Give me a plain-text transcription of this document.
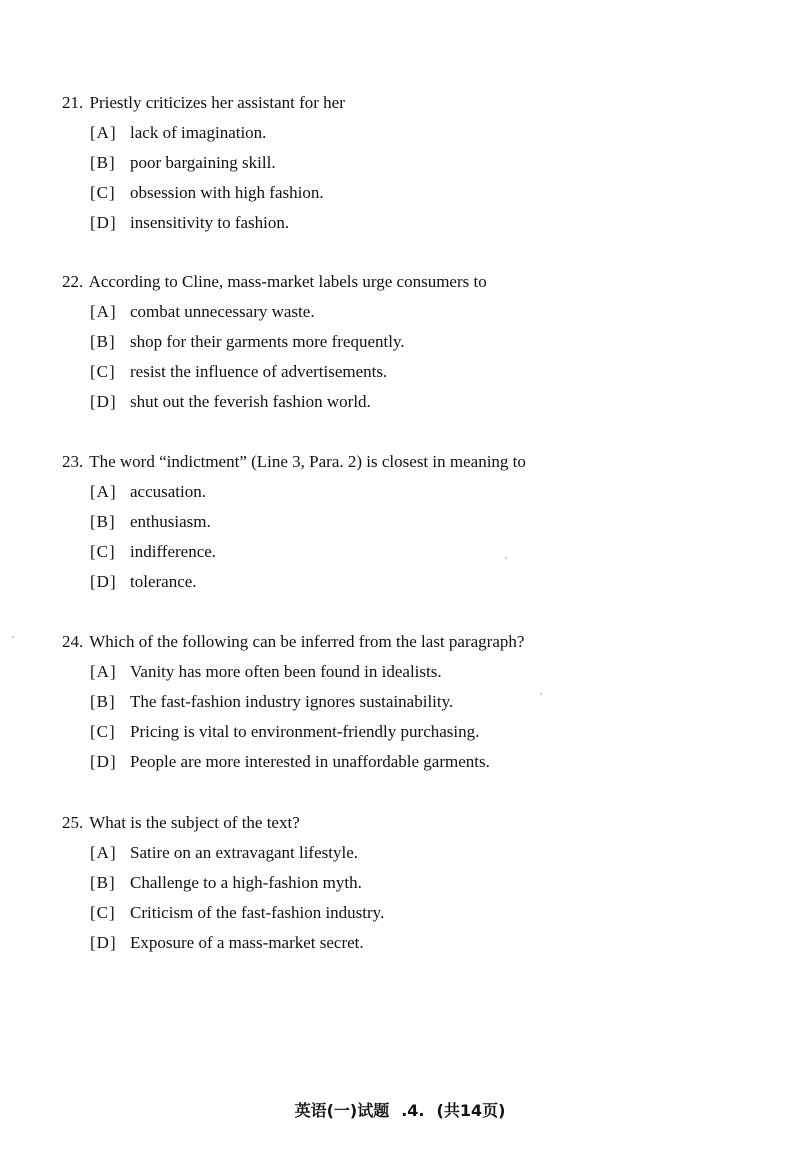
21. Priestly criticizes her assistant for her
[A] lack of imagination.
[B] poor bargaining skill.
[C] obsession with high fashion.
[D] insensitivity to fashion.
22. According to Cline, mass-market labels urge consumers to
[A] combat unnecessary waste.
[B] shop for their garments more frequently.
[C] resist the influence of advertisements.
[D] shut out the feverish fashion world.
23. The word “indictment” (Line 3, Para. 2) is closest in meaning to
[A] accusation.
[B] enthusiasm.
[C] indifference.
[D] tolerance.
24. Which of the following can be inferred from the last paragraph?
[A] Vanity has more often been found in idealists.
[B] The fast-fashion industry ignores sustainability.
[C] Pricing is vital to environment-friendly purchasing.
[D] People are more interested in unaffordable garments.
25. What is the subject of the text?
[A] Satire on an extravagant lifestyle.
[B] Challenge to a high-fashion myth.
[C] Criticism of the fast-fashion industry.
[D] Exposure of a mass-market secret.
英语(一)试题 .4. (共14页)
